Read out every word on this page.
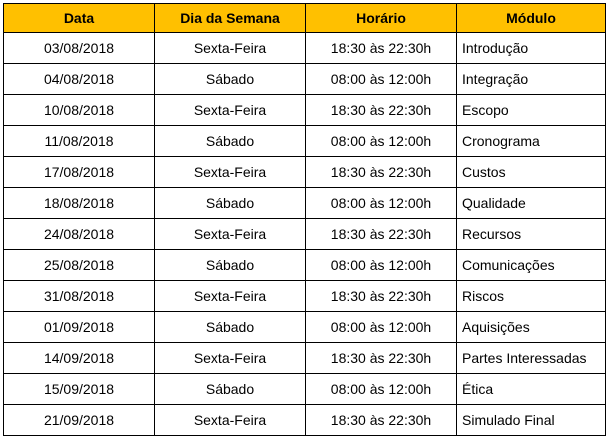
Data	Dia da Semana	Horário	Módulo
03/08/2018	Sexta-Feira	18:30 às 22:30h	Introdução
04/08/2018	Sábado	08:00 às 12:00h	Integração
10/08/2018	Sexta-Feira	18:30 às 22:30h	Escopo
11/08/2018	Sábado	08:00 às 12:00h	Cronograma
17/08/2018	Sexta-Feira	18:30 às 22:30h	Custos
18/08/2018	Sábado	08:00 às 12:00h	Qualidade
24/08/2018	Sexta-Feira	18:30 às 22:30h	Recursos
25/08/2018	Sábado	08:00 às 12:00h	Comunicações
31/08/2018	Sexta-Feira	18:30 às 22:30h	Riscos
01/09/2018	Sábado	08:00 às 12:00h	Aquisições
14/09/2018	Sexta-Feira	18:30 às 22:30h	Partes Interessadas
15/09/2018	Sábado	08:00 às 12:00h	Ética
21/09/2018	Sexta-Feira	18:30 às 22:30h	Simulado Final
